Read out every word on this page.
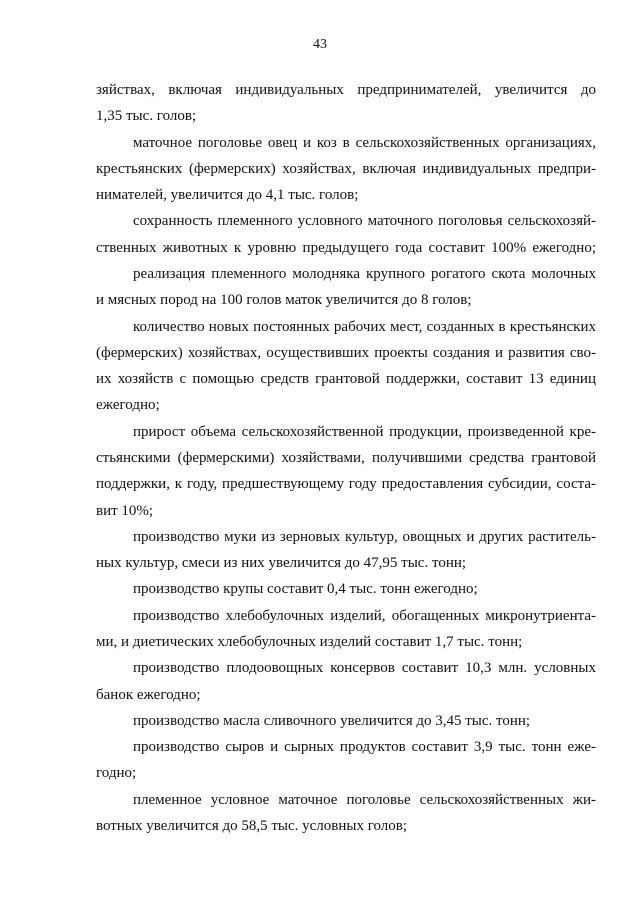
43
зяйствах, включая индивидуальных предпринимателей, увеличится до
1,35 тыс. голов;
маточное поголовье овец и коз в сельскохозяйственных организациях,
крестьянских (фермерских) хозяйствах, включая индивидуальных предпри-
нимателей, увеличится до 4,1 тыс. голов;
сохранность племенного условного маточного поголовья сельскохозяй-
ственных животных к уровню предыдущего года составит 100% ежегодно;
реализация племенного молодняка крупного рогатого скота молочных
и мясных пород на 100 голов маток увеличится до 8 голов;
количество новых постоянных рабочих мест, созданных в крестьянских
(фермерских) хозяйствах, осуществивших проекты создания и развития сво-
их хозяйств с помощью средств грантовой поддержки, составит 13 единиц
ежегодно;
прирост объема сельскохозяйственной продукции, произведенной кре-
стьянскими (фермерскими) хозяйствами, получившими средства грантовой
поддержки, к году, предшествующему году предоставления субсидии, соста-
вит 10%;
производство муки из зерновых культур, овощных и других раститель-
ных культур, смеси из них увеличится до 47,95 тыс. тонн;
производство крупы составит 0,4 тыс. тонн ежегодно;
производство хлебобулочных изделий, обогащенных микронутриента-
ми, и диетических хлебобулочных изделий составит 1,7 тыс. тонн;
производство плодоовощных консервов составит 10,3 млн. условных
банок ежегодно;
производство масла сливочного увеличится до 3,45 тыс. тонн;
производство сыров и сырных продуктов составит 3,9 тыс. тонн еже-
годно;
племенное условное маточное поголовье сельскохозяйственных жи-
вотных увеличится до 58,5 тыс. условных голов;
